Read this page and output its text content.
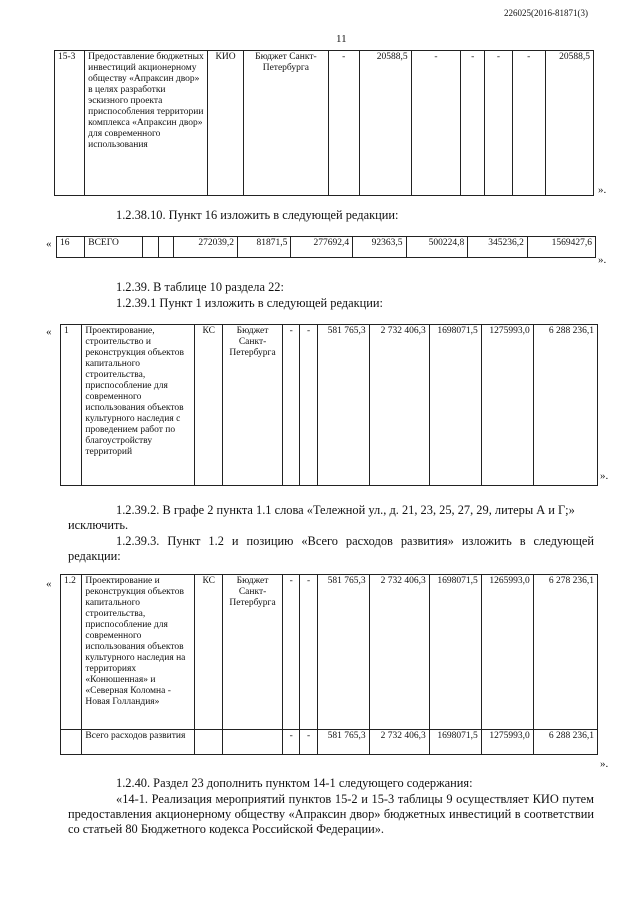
226025(2016-81871(3)
11
15-3	Предоставление бюджетных инвестиций акционерному обществу «Апраксин двор» в целях разработки эскизного проекта приспособления территории комплекса «Апраксин двор» для современного использования	КИО	Бюджет Санкт-Петербурга	-	20588,5	-	-	-	-	20588,5
».
1.2.38.10. Пункт 16 изложить в следующей редакции:
« 16	ВСЕГО			272039,2	81871,5	277692,4	92363,5	500224,8	345236,2	1569427,6
».
1.2.39. В таблице 10 раздела 22:
1.2.39.1 Пункт 1 изложить в следующей редакции:
« 1	Проектирование, строительство и реконструкция объектов капитального строительства, приспособление для современного использования объектов культурного наследия с проведением работ по благоустройству территорий	КС	Бюджет Санкт-Петербурга	-	-	581 765,3	2 732 406,3	1698071,5	1275993,0	6 288 236,1
».
1.2.39.2. В графе 2 пункта 1.1 слова «Тележной ул., д. 21, 23, 25, 27, 29, литеры А и Г;»
исключить.
1.2.39.3. Пункт 1.2 и позицию «Всего расходов развития» изложить в следующей редакции:
« 1.2	Проектирование и реконструкция объектов капитального строительства, приспособление для современного использования объектов культурного наследия на территориях «Конюшенная» и «Северная Коломна - Новая Голландия»	КС	Бюджет Санкт-Петербурга	-	-	581 765,3	2 732 406,3	1698071,5	1265993,0	6 278 236,1
	Всего расходов развития			-	-	581 765,3	2 732 406,3	1698071,5	1275993,0	6 288 236,1
».
1.2.40. Раздел 23 дополнить пунктом 14-1 следующего содержания:
«14-1. Реализация мероприятий пунктов 15-2 и 15-3 таблицы 9 осуществляет КИО путем предоставления акционерному обществу «Апраксин двор» бюджетных инвестиций в соответствии со статьей 80 Бюджетного кодекса Российской Федерации».
